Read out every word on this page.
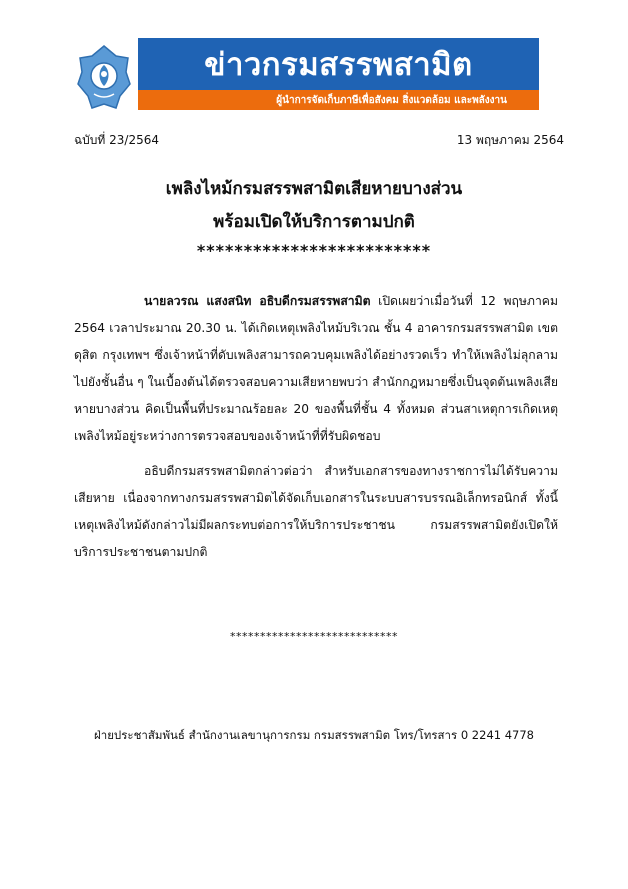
ข่าวกรมสรรพสามิต
ผู้นำการจัดเก็บภาษีเพื่อสังคม สิ่งแวดล้อม และพลังงาน
ฉบับที่ 23/2564	13 พฤษภาคม 2564
เพลิงไหม้กรมสรรพสามิตเสียหายบางส่วน
พร้อมเปิดให้บริการตามปกติ
*************************
นายลวรณ แสงสนิท อธิบดีกรมสรรพสามิต เปิดเผยว่าเมื่อวันที่ 12 พฤษภาคม 2564 เวลาประมาณ 20.30 น. ได้เกิดเหตุเพลิงไหม้บริเวณ ชั้น 4 อาคารกรมสรรพสามิต เขตดุสิต กรุงเทพฯ ซึ่งเจ้าหน้าที่ดับเพลิงสามารถควบคุมเพลิงได้อย่างรวดเร็ว ทำให้เพลิงไม่ลุกลามไปยังชั้นอื่น ๆ ในเบื้องต้นได้ตรวจสอบความเสียหายพบว่า สำนักกฎหมายซึ่งเป็นจุดต้นเพลิงเสียหายบางส่วน คิดเป็นพื้นที่ประมาณร้อยละ 20 ของพื้นที่ชั้น 4 ทั้งหมด ส่วนสาเหตุการเกิดเหตุเพลิงไหม้อยู่ระหว่างการตรวจสอบของเจ้าหน้าที่ที่รับผิดชอบ
อธิบดีกรมสรรพสามิตกล่าวต่อว่า สำหรับเอกสารของทางราชการไม่ได้รับความเสียหาย เนื่องจากทางกรมสรรพสามิตได้จัดเก็บเอกสารในระบบสารบรรณอิเล็กทรอนิกส์ ทั้งนี้ เหตุเพลิงไหม้ดังกล่าวไม่มีผลกระทบต่อการให้บริการประชาชน กรมสรรพสามิตยังเปิดให้บริการประชาชนตามปกติ
****************************
ฝ่ายประชาสัมพันธ์ สำนักงานเลขานุการกรม กรมสรรพสามิต โทร/โทรสาร 0 2241 4778
